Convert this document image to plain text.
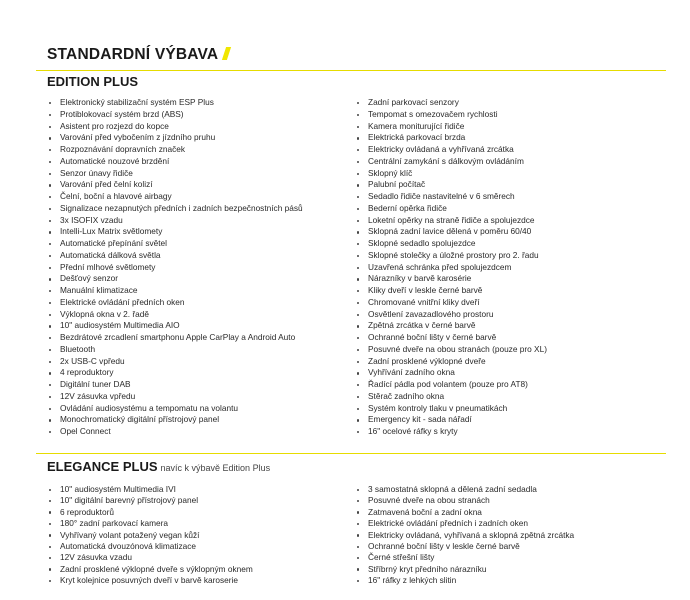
STANDARDNÍ VÝBAVA
EDITION PLUS
Elektronický stabilizační systém ESP Plus
Protiblokovací systém brzd (ABS)
Asistent pro rozjezd do kopce
Varování před vybočením z jízdního pruhu
Rozpoznávání dopravních značek
Automatické nouzové brzdění
Senzor únavy řidiče
Varování před čelní kolizí
Čelní, boční a hlavové airbagy
Signalizace nezapnutých předních i zadních bezpečnostních pásů
3x ISOFIX vzadu
Intelli-Lux Matrix světlomety
Automatické přepínání světel
Automatická dálková světla
Přední mlhové světlomety
Dešťový senzor
Manuální klimatizace
Elektrické ovládání předních oken
Výklopná okna v 2. řadě
10" audiosystém Multimedia AIO
Bezdrátové zrcadlení smartphonu Apple CarPlay a Android Auto
Bluetooth
2x USB-C vpředu
4 reproduktory
Digitální tuner DAB
12V zásuvka vpředu
Ovládání audiosystému a tempomatu na volantu
Monochromatický digitální přístrojový panel
Opel Connect
Zadní parkovací senzory
Tempomat s omezovačem rychlosti
Kamera moniturující řidiče
Elektrická parkovací brzda
Elektricky ovládaná a vyhřívaná zrcátka
Centrální zamykání s dálkovým ovládáním
Sklopný klíč
Palubní počítač
Sedadlo řidiče nastavitelné v 6 směrech
Bederní opěrka řidiče
Loketní opěrky na straně řidiče a spolujezdce
Sklopná zadní lavice dělená v poměru 60/40
Sklopné sedadlo spolujezdce
Sklopné stolečky a úložné prostory pro 2. řadu
Uzavřená schránka před spolujezdcem
Nárazníky v barvě karosérie
Kliky dveří v leskle černé barvě
Chromované vnitřní kliky dveří
Osvětlení zavazadlového prostoru
Zpětná zrcátka v černé barvě
Ochranné boční lišty v černé barvě
Posuvné dveře na obou stranách (pouze pro XL)
Zadní prosklené výklopné dveře
Vyhřívání zadního okna
Řadící pádla pod volantem (pouze pro AT8)
Stěrač zadního okna
Systém kontroly tlaku v pneumatikách
Emergency kit - sada nářadí
16" ocelové ráfky s kryty
ELEGANCE PLUS navíc k výbavě Edition Plus
10" audiosystém Multimedia IVI
10" digitální barevný přístrojový panel
6 reproduktorů
180° zadní parkovací kamera
Vyhřívaný volant potažený vegan kůží
Automatická dvouzónová klimatizace
12V zásuvka vzadu
Zadní prosklené výklopné dveře s výklopným oknem
Kryt kolejnice posuvných dveří v barvě karoserie
3 samostatná sklopná a dělená zadní sedadla
Posuvné dveře na obou stranách
Zatmavená boční a zadní okna
Elektrické ovládání předních i zadních oken
Elektricky ovládaná, vyhřívaná a sklopná zpětná zrcátka
Ochranné boční lišty v leskle černé barvě
Černé střešní lišty
Stříbrný kryt předního nárazníku
16" ráfky z lehkých slitin
